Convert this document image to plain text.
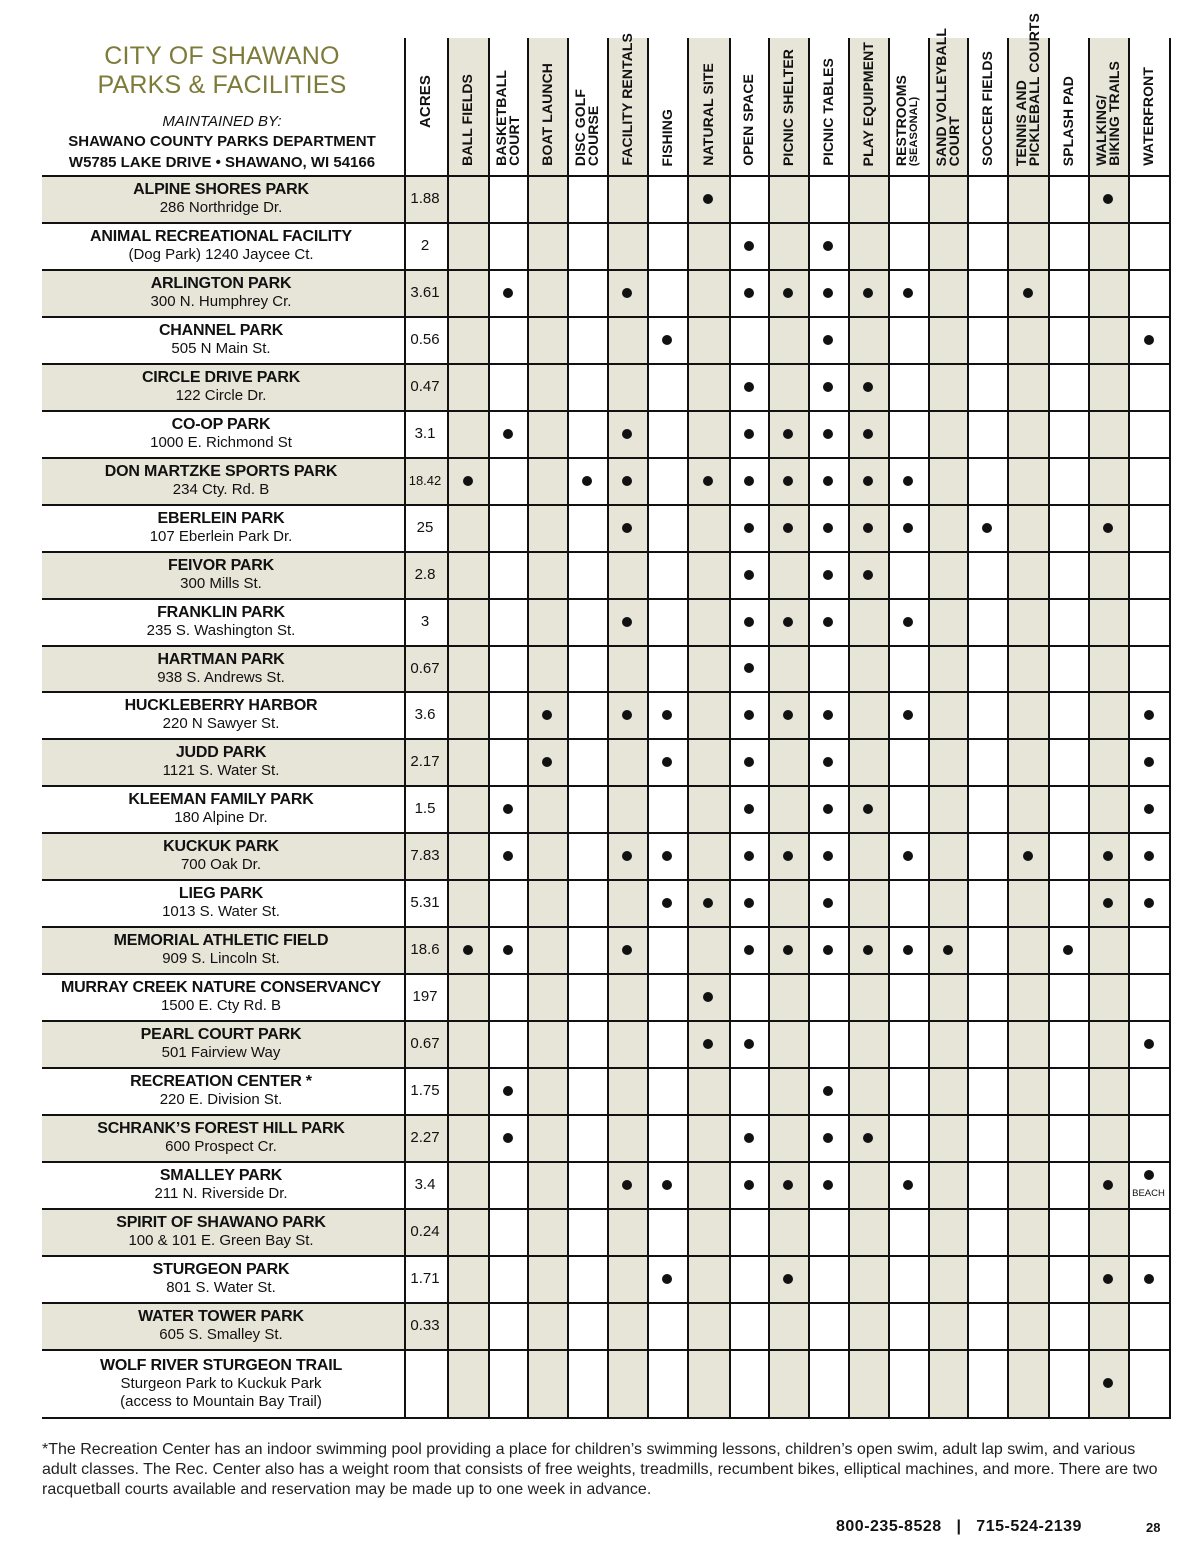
CITY OF SHAWANO
PARKS & FACILITIES
MAINTAINED BY:
SHAWANO COUNTY PARKS DEPARTMENT
W5785 LAKE DRIVE • SHAWANO, WI 54166
ACRES BALL FIELDS BASKETBALL
COURT BOAT LAUNCH DISC GOLF
COURSE FACILITY RENTALS FISHING NATURAL SITE OPEN SPACE PICNIC SHELTER PICNIC TABLES PLAY EQUIPMENT RESTROOMS (SEASONAL) SAND VOLLEYBALL
COURT SOCCER FIELDS TENNIS AND
PICKLEBALL COURTS SPLASH PAD WALKING/
BIKING TRAILS WATERFRONT
ALPINE SHORES PARK
286 Northridge Dr.
1.88
ANIMAL RECREATIONAL FACILITY
(Dog Park) 1240 Jaycee Ct.
2
ARLINGTON PARK
300 N. Humphrey Cr.
3.61
CHANNEL PARK
505 N Main St.
0.56
CIRCLE DRIVE PARK
122 Circle Dr.
0.47
CO-OP PARK
1000 E. Richmond St
3.1
DON MARTZKE SPORTS PARK
234 Cty. Rd. B
18.42
EBERLEIN PARK
107 Eberlein Park Dr.
25
FEIVOR PARK
300 Mills St.
2.8
FRANKLIN PARK
235 S. Washington St.
3
HARTMAN PARK
938 S. Andrews St.
0.67
HUCKLEBERRY HARBOR
220 N Sawyer St.
3.6
JUDD PARK
1121 S. Water St.
2.17
KLEEMAN FAMILY PARK
180 Alpine Dr.
1.5
KUCKUK PARK
700 Oak Dr.
7.83
LIEG PARK
1013 S. Water St.
5.31
MEMORIAL ATHLETIC FIELD
909 S. Lincoln St.
18.6
MURRAY CREEK NATURE CONSERVANCY
1500 E. Cty Rd. B
197
PEARL COURT PARK
501 Fairview Way
0.67
RECREATION CENTER *
220 E. Division St.
1.75
SCHRANK’S FOREST HILL PARK
600 Prospect Cr.
2.27
SMALLEY PARK
211 N. Riverside Dr.
3.4
BEACH
SPIRIT OF SHAWANO PARK
100 & 101 E. Green Bay St.
0.24
STURGEON PARK
801 S. Water St.
1.71
WATER TOWER PARK
605 S. Smalley St.
0.33
WOLF RIVER STURGEON TRAIL
Sturgeon Park to Kuckuk Park
(access to Mountain Bay Trail)
*The Recreation Center has an indoor swimming pool providing a place for children’s swimming lessons, children’s open swim, adult lap swim, and various adult classes. The Rec. Center also has a weight room that consists of free weights, treadmills, recumbent bikes, elliptical machines, and more. There are two racquetball courts available and reservation may be made up to one week in advance.
800-235-8528   |   715-524-2139	28
